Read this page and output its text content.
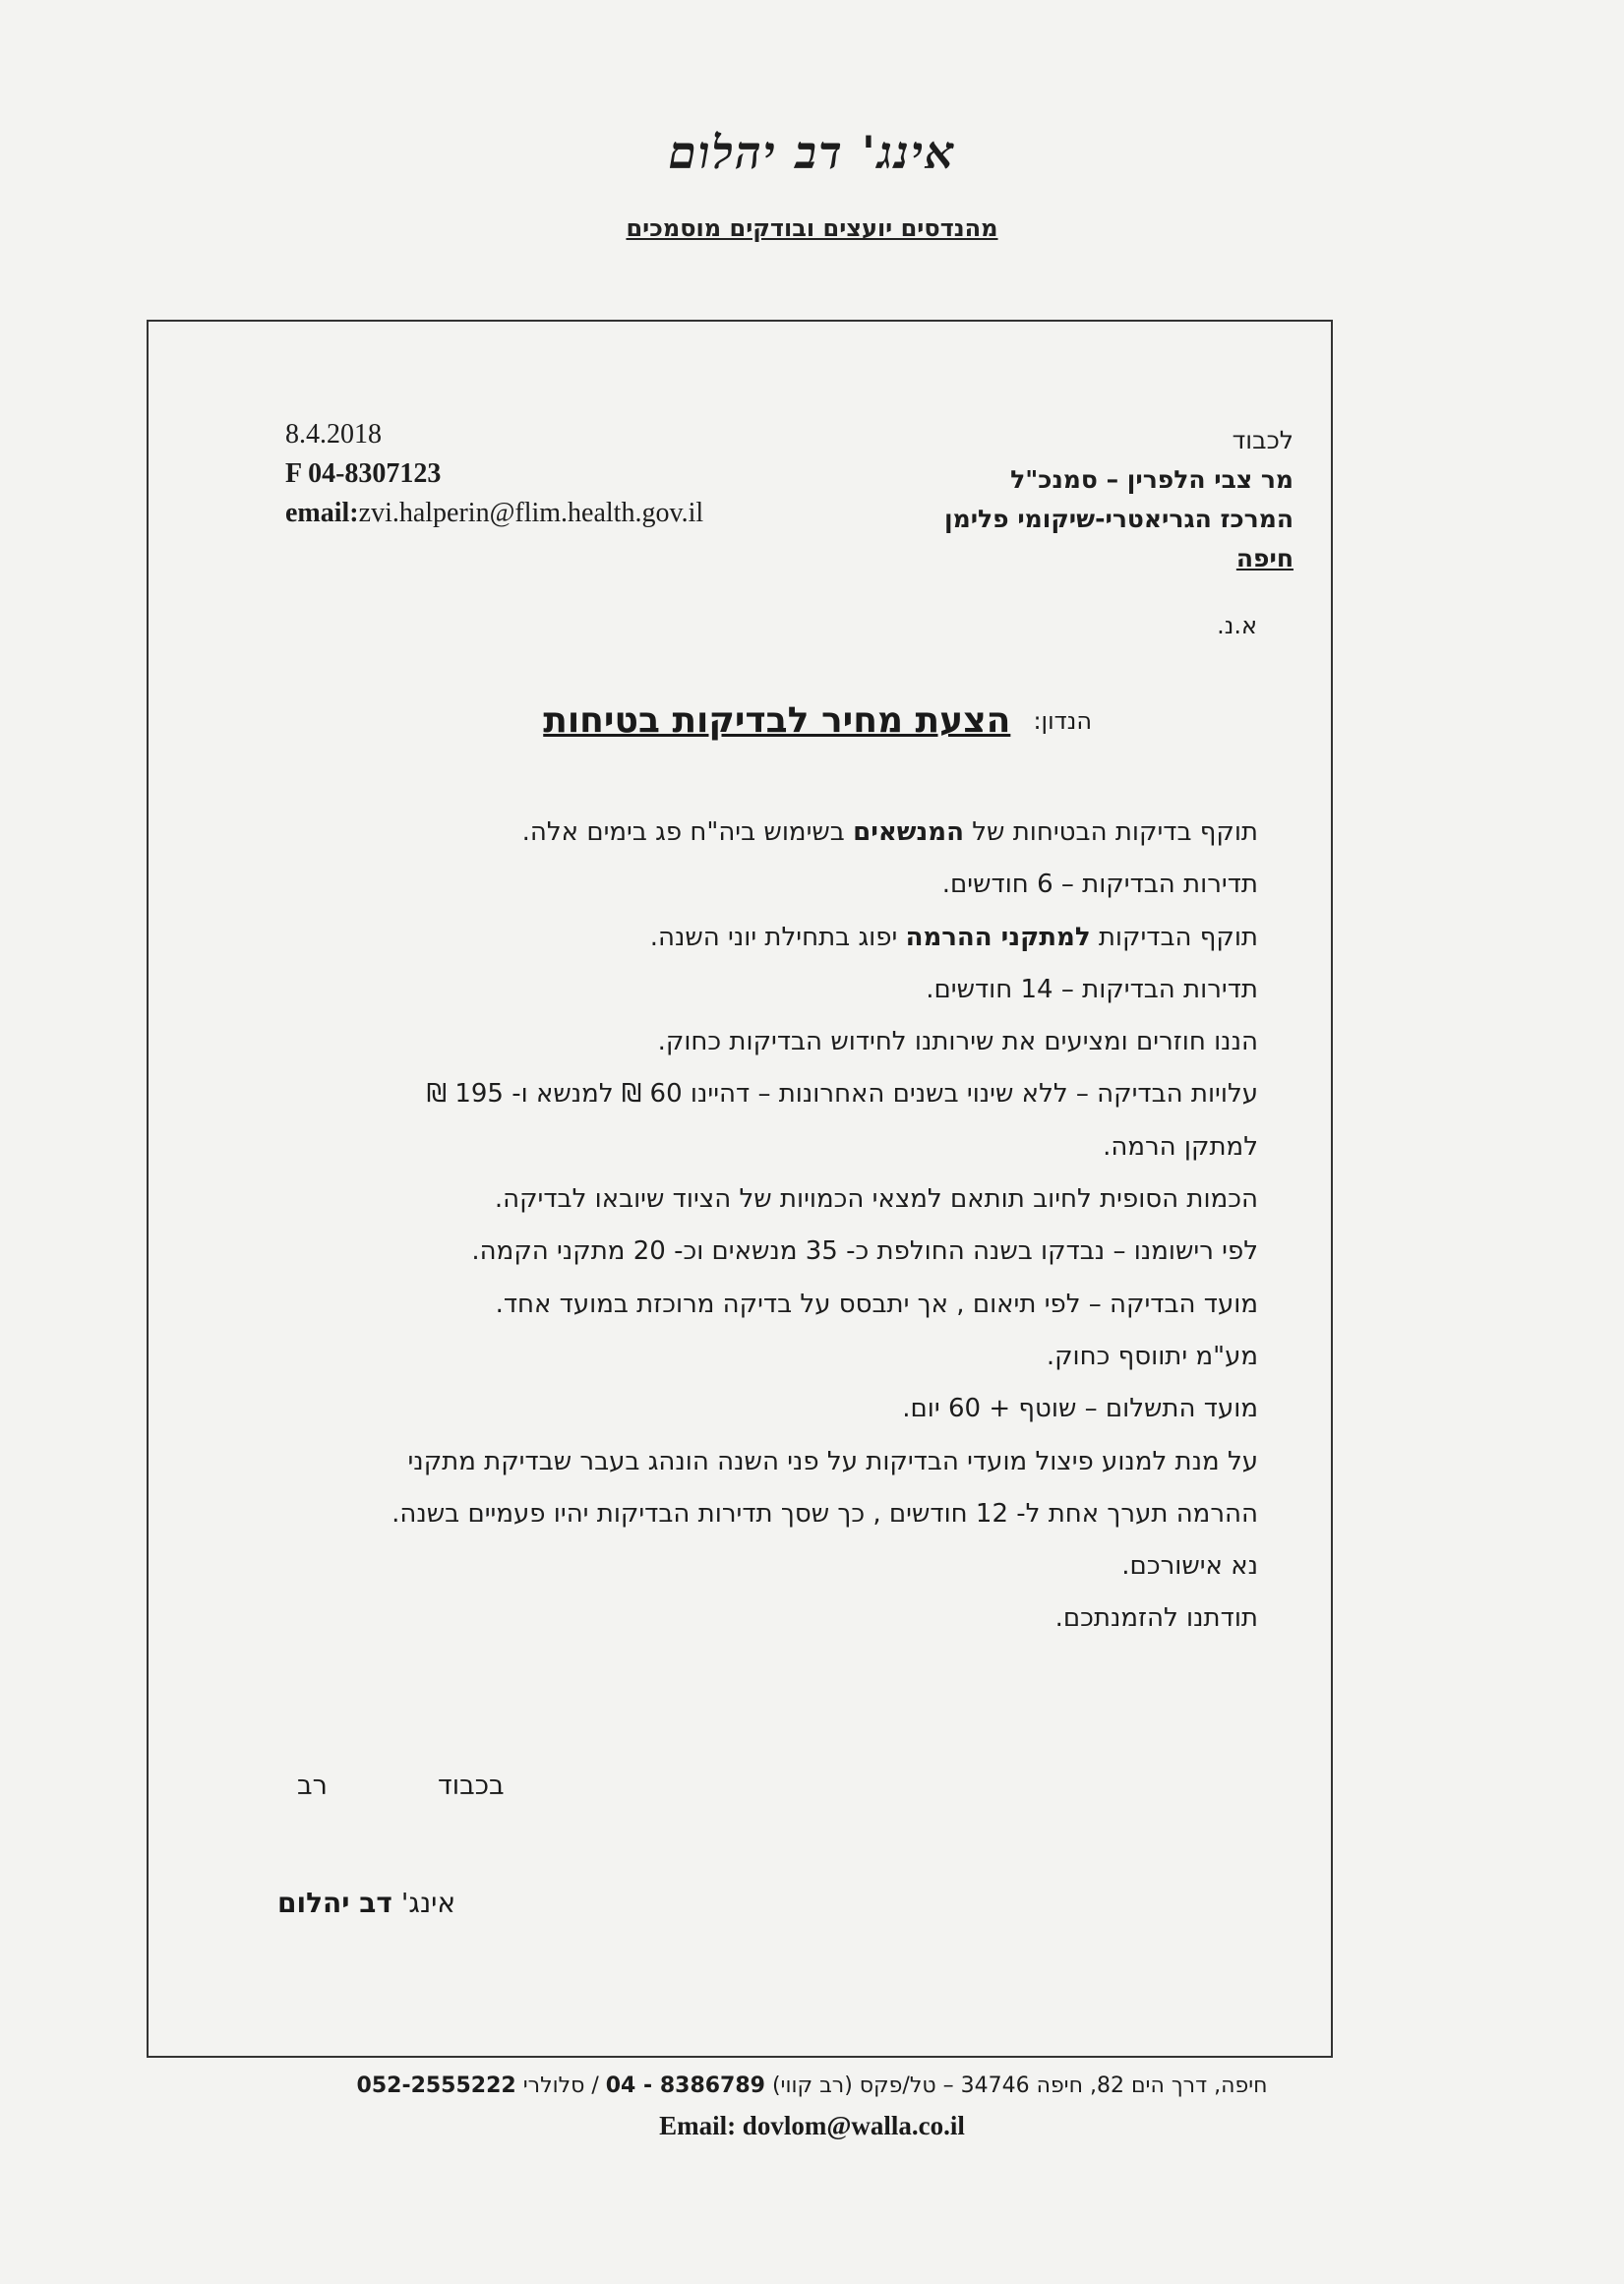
אינג' דב יהלום
מהנדסים יועצים ובודקים מוסמכים
לכבוד
מר צבי הלפרין – סמנכ"ל
המרכז הגריאטרי-שיקומי פלימן
חיפה
א.נ.
8.4.2018
F 04-8307123
email:zvi.halperin@flim.health.gov.il
הנדון: הצעת מחיר לבדיקות בטיחות

תוקף בדיקות הבטיחות של המנשאים בשימוש ביה"ח פג בימים אלה.

תדירות הבדיקות – 6 חודשים.

תוקף הבדיקות למתקני ההרמה יפוג בתחילת יוני השנה.

תדירות הבדיקות – 14 חודשים.

הננו חוזרים ומציעים את שירותנו לחידוש הבדיקות כחוק.

עלויות הבדיקה – ללא שינוי בשנים האחרונות – דהיינו 60 ₪ למנשא ו- 195 ₪

למתקן הרמה.

הכמות הסופית לחיוב תותאם למצאי הכמויות של הציוד שיובאו לבדיקה.

לפי רישומנו – נבדקו בשנה החולפת כ- 35 מנשאים וכ- 20 מתקני הקמה.

מועד הבדיקה – לפי תיאום , אך יתבסס על בדיקה מרוכזת במועד אחד.

מע"מ יתווסף כחוק.

מועד התשלום – שוטף + 60 יום.

על מנת למנוע פיצול מועדי הבדיקות על פני השנה הונהג בעבר שבדיקת מתקני

ההרמה תערך אחת ל- 12 חודשים , כך שסך תדירות הבדיקות יהיו פעמיים בשנה.

נא אישורכם.

תודתנו להזמנתכם.

בכבוד
רב
אינג' דב יהלום
חיפה, דרך הים 82, חיפה 34746 – טל/פקס (רב קווי) 8386789 - 04 / סלולרי 052-2555222
Email: dovlom@walla.co.il
